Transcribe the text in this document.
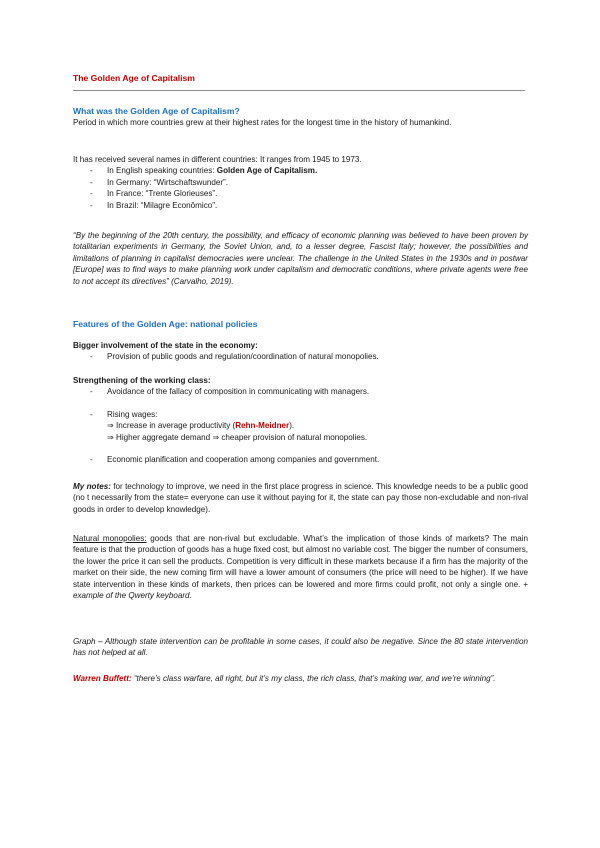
The Golden Age of Capitalism
What was the Golden Age of Capitalism?
Period in which more countries grew at their highest rates for the longest time in the history of humankind.
It has received several names in different countries: It ranges from 1945 to 1973.
- In English speaking countries: Golden Age of Capitalism.
- In Germany: “Wirtschaftswunder”.
- In France: “Trente Glorieuses”.
- In Brazil: “Milagre Econômico”.
“By the beginning of the 20th century, the possibility, and efficacy of economic planning was believed to have been proven by totalitarian experiments in Germany, the Soviet Union, and, to a lesser degree, Fascist Italy; however, the possibilities and limitations of planning in capitalist democracies were unclear. The challenge in the United States in the 1930s and in postwar [Europe] was to find ways to make planning work under capitalism and democratic conditions, where private agents were free to not accept its directives” (Carvalho, 2019).
Features of the Golden Age: national policies
Bigger involvement of the state in the economy:
- Provision of public goods and regulation/coordination of natural monopolies.
Strengthening of the working class:
- Avoidance of the fallacy of composition in communicating with managers.
- Rising wages:
⇒ Increase in average productivity (Rehn-Meidner).
⇒ Higher aggregate demand ⇒ cheaper provision of natural monopolies.
- Economic planification and cooperation among companies and government.
My notes: for technology to improve, we need in the first place progress in science. This knowledge needs to be a public good (no t necessarily from the state= everyone can use it without paying for it, the state can pay those non-excludable and non-rival goods in order to develop knowledge).
Natural monopolies: goods that are non-rival but excludable. What’s the implication of those kinds of markets? The main feature is that the production of goods has a huge fixed cost, but almost no variable cost. The bigger the number of consumers, the lower the price it can sell the products. Competition is very difficult in these markets because if a firm has the majority of the market on their side, the new coming firm will have a lower amount of consumers (the price will need to be higher). If we have state intervention in these kinds of markets, then prices can be lowered and more firms could profit, not only a single one. + example of the Qwerty keyboard.
Graph – Although state intervention can be profitable in some cases, it could also be negative. Since the 80 state intervention has not helped at all.
Warren Buffett: “there’s class warfare, all right, but it’s my class, the rich class, that’s making war, and we’re winning”.
